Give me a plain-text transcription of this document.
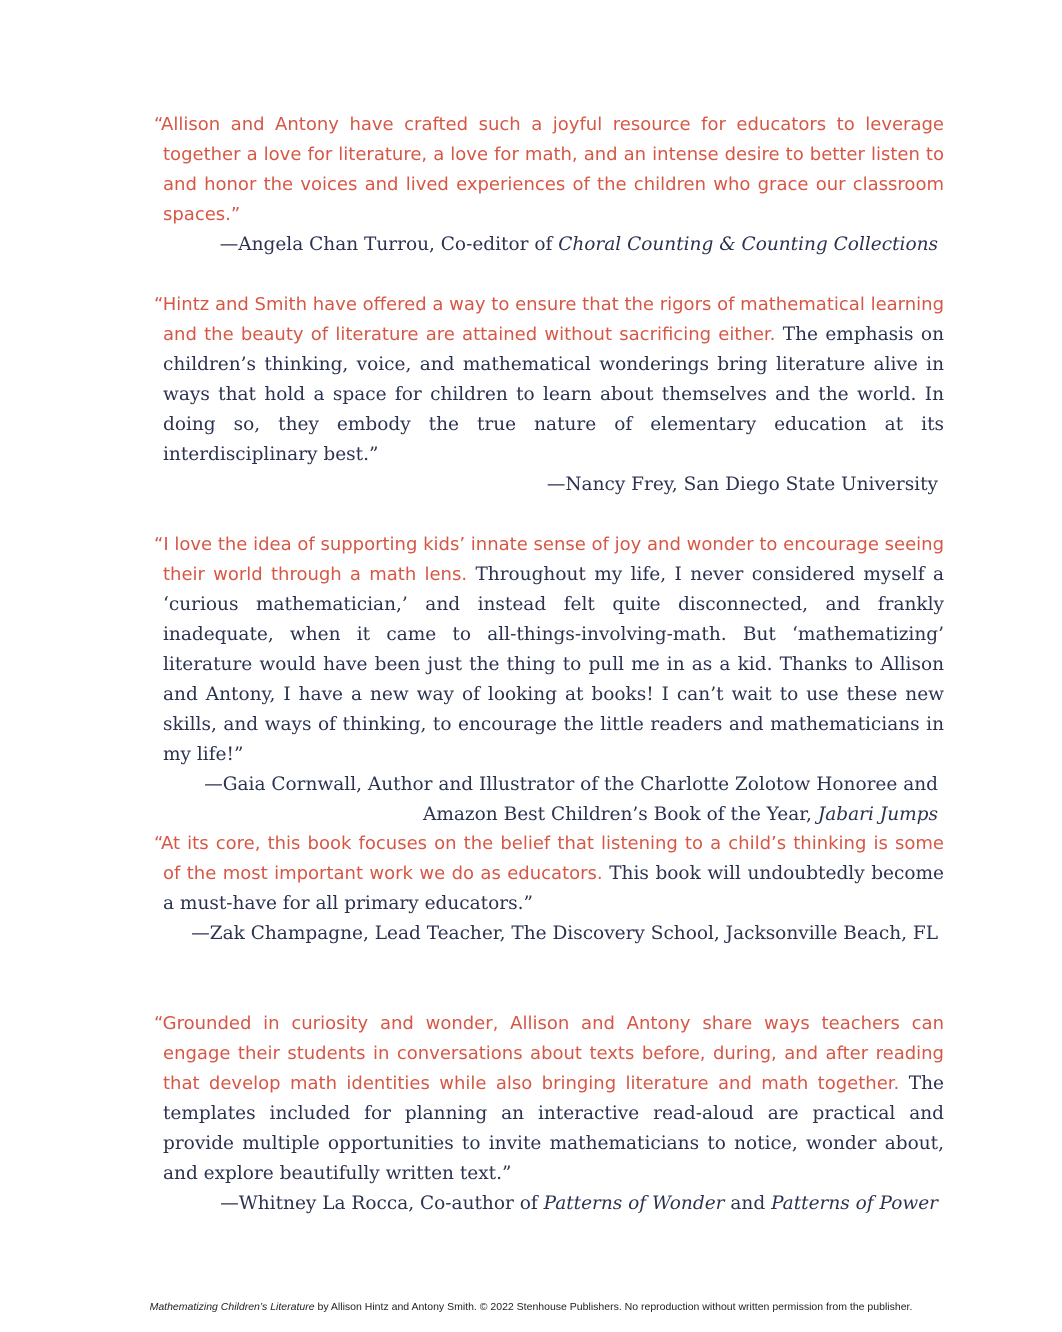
“Allison and Antony have crafted such a joyful resource for educators to leverage together a love for literature, a love for math, and an intense desire to better listen to and honor the voices and lived experiences of the children who grace our classroom spaces.”

—Angela Chan Turrou, Co-editor of Choral Counting & Counting Collections

“Hintz and Smith have offered a way to ensure that the rigors of mathematical learning and the beauty of literature are attained without sacrificing either. The emphasis on children’s thinking, voice, and mathematical wonderings bring literature alive in ways that hold a space for children to learn about themselves and the world. In doing so, they embody the true nature of elementary education at its interdisciplinary best.”

—Nancy Frey, San Diego State University

“I love the idea of supporting kids’ innate sense of joy and wonder to encourage seeing their world through a math lens. Throughout my life, I never considered myself a ‘curious mathematician,’ and instead felt quite disconnected, and frankly inadequate, when it came to all-things-involving-math. But ‘mathematizing’ literature would have been just the thing to pull me in as a kid. Thanks to Allison and Antony, I have a new way of looking at books! I can’t wait to use these new skills, and ways of thinking, to encourage the little readers and mathematicians in my life!”

—Gaia Cornwall, Author and Illustrator of the Charlotte Zolotow Honoree and

Amazon Best Children’s Book of the Year, Jabari Jumps

“At its core, this book focuses on the belief that listening to a child’s thinking is some of the most important work we do as educators. This book will undoubtedly become a must-have for all primary educators.”

—Zak Champagne, Lead Teacher, The Discovery School, Jacksonville Beach, FL

“Grounded in curiosity and wonder, Allison and Antony share ways teachers can engage their students in conversations about texts before, during, and after reading that develop math identities while also bringing literature and math together. The templates included for planning an interactive read-aloud are practical and provide multiple opportunities to invite mathematicians to notice, wonder about, and explore beautifully written text.”

—Whitney La Rocca, Co-author of Patterns of Wonder and Patterns of Power

Mathematizing Children’s Literature by Allison Hintz and Antony Smith. © 2022 Stenhouse Publishers. No reproduction without written permission from the publisher.
